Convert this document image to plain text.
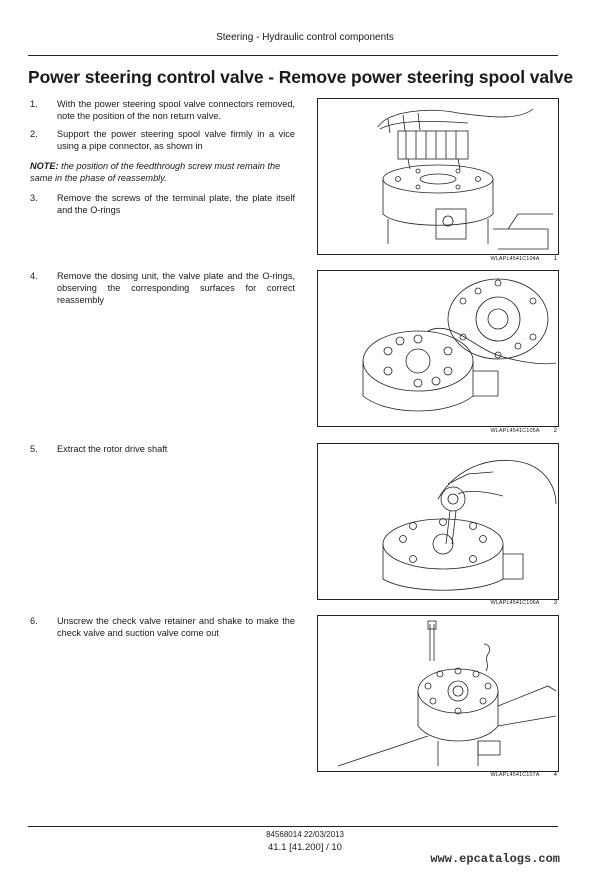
Steering - Hydraulic control components
Power steering control valve - Remove power steering spool valve
1. With the power steering spool valve connectors removed, note the position of the non return valve.
2. Support the power steering spool valve firmly in a vice using a pipe connector, as shown in
NOTE: the position of the feedthrough screw must remain the same in the phase of reassembly.
3. Remove the screws of the terminal plate, the plate itself and the O-rings
4. Remove the dosing unit, the valve plate and the O-rings, observing the corresponding surfaces for correct reassembly
5. Extract the rotor drive shaft
6. Unscrew the check valve retainer and shake to make the check valve and suction valve come out
WLAPL4541C104A 1
WLAPL4541C105A 2
WLAPL4541C106A 3
WLAPL4541C107A 4
84568014 22/03/2013
41.1 [41.200] / 10
www.epcatalogs.com
